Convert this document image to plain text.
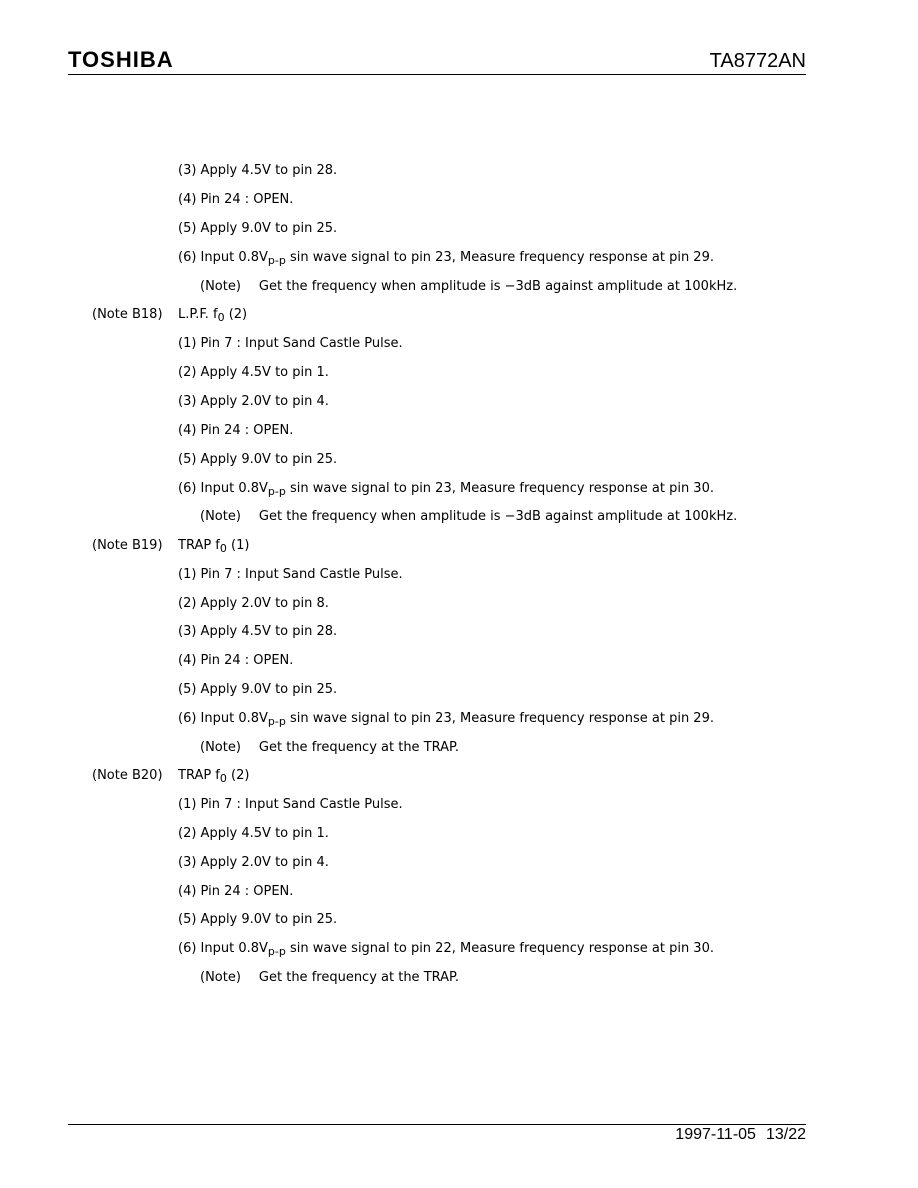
TOSHIBA	TA8772AN
(3) Apply 4.5V to pin 28.
(4) Pin 24 : OPEN.
(5) Apply 9.0V to pin 25.
(6) Input $0.8V_{p-p}$ sin wave signal to pin 23, Measure frequency response at pin 29.
(Note) Get the frequency when amplitude is −3dB against amplitude at 100kHz.
(Note B18) L.P.F. $f_0$ (2)
(1) Pin 7 : Input Sand Castle Pulse.
(2) Apply 4.5V to pin 1.
(3) Apply 2.0V to pin 4.
(4) Pin 24 : OPEN.
(5) Apply 9.0V to pin 25.
(6) Input $0.8V_{p-p}$ sin wave signal to pin 23, Measure frequency response at pin 30.
(Note) Get the frequency when amplitude is −3dB against amplitude at 100kHz.
(Note B19) TRAP $f_0$ (1)
(1) Pin 7 : Input Sand Castle Pulse.
(2) Apply 2.0V to pin 8.
(3) Apply 4.5V to pin 28.
(4) Pin 24 : OPEN.
(5) Apply 9.0V to pin 25.
(6) Input $0.8V_{p-p}$ sin wave signal to pin 23, Measure frequency response at pin 29.
(Note) Get the frequency at the TRAP.
(Note B20) TRAP $f_0$ (2)
(1) Pin 7 : Input Sand Castle Pulse.
(2) Apply 4.5V to pin 1.
(3) Apply 2.0V to pin 4.
(4) Pin 24 : OPEN.
(5) Apply 9.0V to pin 25.
(6) Input $0.8V_{p-p}$ sin wave signal to pin 22, Measure frequency response at pin 30.
(Note) Get the frequency at the TRAP.
1997-11-05 13/22
